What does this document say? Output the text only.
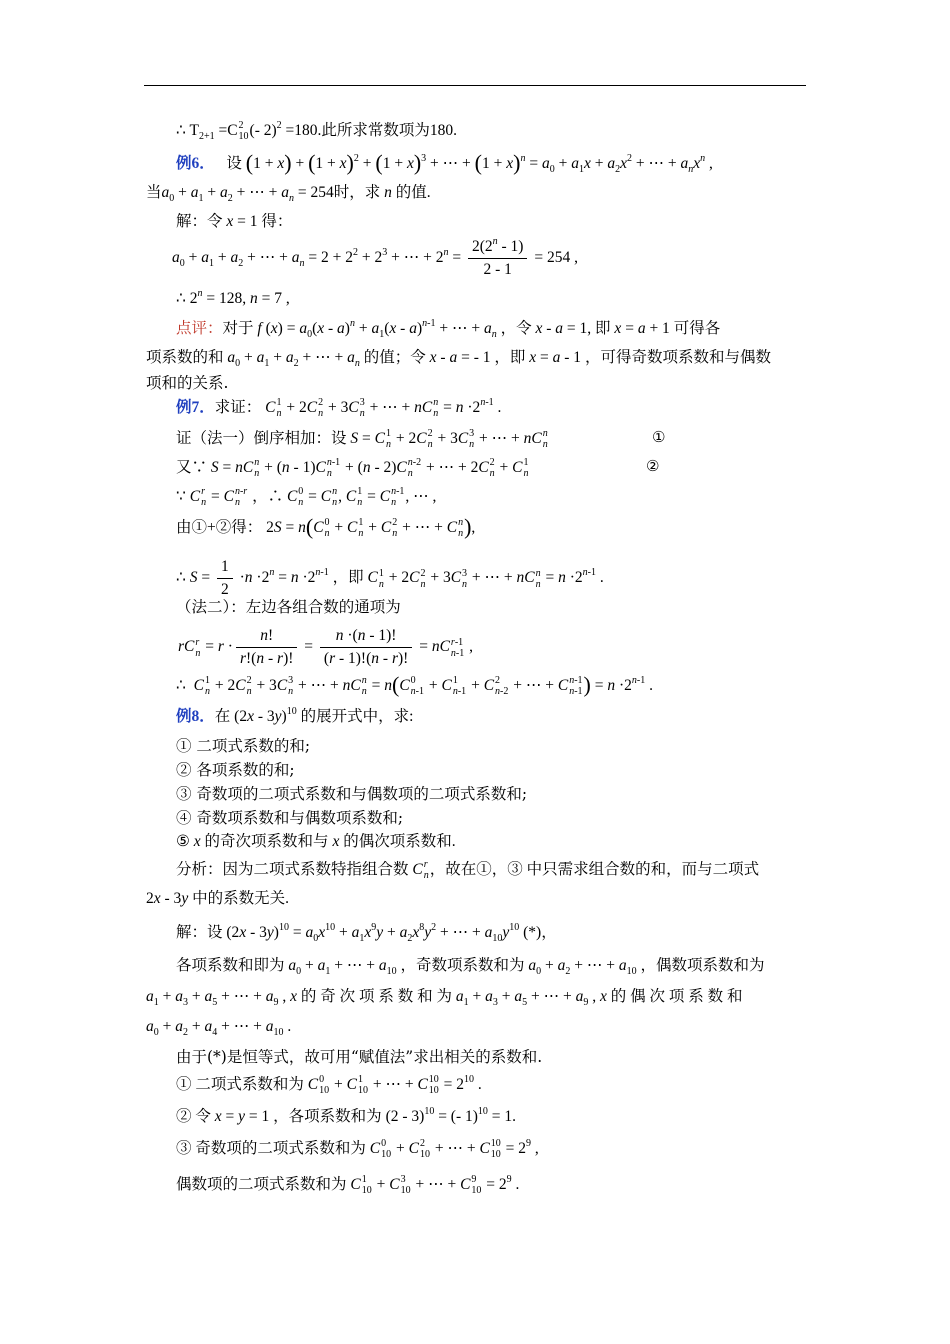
∴ $T_{2+1} =C$ 2
10 (- 2)$^2$ =180.此所求常数项为180.
例6． 设 $(1 + x) + (1 + x)^2 + (1 + x)^3$ + ⋯ + $(1 + x)^n = a_0 + a_1x + a_2x^2$ + ⋯ + $a_nx^n$ ,
当$a_0 + a_1 + a_2$ + ⋯ + $a_n = 254$时，求 n 的值.
解：令 x = 1 得：
$a_0 + a_1 + a_2$ + ⋯ + $a_n = 2 + 2^2 + 2^3$ + ⋯ + $2^n = \frac{2(2^n - 1)}{2 - 1} = 254$ ,
∴ $2^n = 128$, n = 7 ,
点评：对于 f $(x) = a_0(x - a)^n + a_1(x - a)^{n-1}$ + ⋯ + $a_n$ ，令 x - a = 1, 即 x = a + 1 可得各
项系数的和 $a_0 + a_1 + a_2$ + ⋯ + $a_n$ 的值；令 x - a = - 1 ，即 x = a - 1 ，可得奇数项系数和与偶数
项和的关系.
例7．求证： C 1
n + 2C 2
n + 3C 3
n + ⋯ + nC n
$n = n \cdot 2^{n-1}$ .
证（法一）倒序相加：设 S = C 1
n + 2C 2
n + 3C 3
n + ⋯ + nC n
n	①
又∵ S = nC n
n + (n - 1)C n-1
n + (n - 2)C n-2
n + ⋯ + 2C 2
n + C 1
n	②
∵ C r
n = C n-r
n ，∴ C 0
n = C n
n , C 1
n = C n-1
n , ⋯ ,
由①+②得： 2S = n(C 0
n + C 1
n + C 2
n + ⋯ + C n
n ),
∴ $S = \frac{1}{2} \cdot n \cdot 2^n = n \cdot 2^{n-1}$ ，即 C 1
n + 2C 2
n + 3C 3
n + ⋯ + nC n
$n = n \cdot 2^{n-1}$ .
（法二）：左边各组合数的通项为
rC r
$n = r \cdot \frac{n!}{r!(n - r)!} = \frac{n \cdot(n - 1)!}{(r - 1)!(n - r)!}$ = nC r-1
n-1 ,
∴  C 1
n + 2C 2
n + 3C 3
n + ⋯ + nC n
n = n(C 0
n-1 + C 1
n-1 + C 2
n-2 + ⋯ + C n-1
n-1 ) = $n \cdot 2^{n-1}$ .
例8．在 (2x - 3y)$^{10}$ 的展开式中，求:
① 二项式系数的和;
② 各项系数的和;
③ 奇数项的二项式系数和与偶数项的二项式系数和;
④ 奇数项系数和与偶数项系数和;
⑤ x 的奇次项系数和与 x 的偶次项系数和.
分析：因为二项式系数特指组合数 C r
n ，故在①，③ 中只需求组合数的和，而与二项式
2x - 3y 中的系数无关.
解：设 $(2x - 3y)^{10} = a_0x^{10} + a_1x^9y + a_2x^8y^2$ + ⋯ + $a_{10}y^{10}$ (*)，
各项系数和即为 $a_0 + a_1$ + ⋯ + $a_{10}$ ，奇数项系数和为 $a_0 + a_2$ + ⋯ + $a_{10}$ ，偶数项系数和为
$a_1 + a_3 + a_5$ + ⋯ + $a_9$ , x 的 奇 次 项 系 数 和 为 $a_1 + a_3 + a_5$ + ⋯ + $a_9$ , x 的 偶 次 项 系 数 和
$a_0 + a_2 + a_4$ + ⋯ + $a_{10}$ .
由于(*)是恒等式，故可用“赋值法”求出相关的系数和.
① 二项式系数和为 C 0
10 + C 1
10 + ⋯ + C 10
$10 = 2^{10}$ .
② 令 x = y = 1 ，各项系数和为 (2 - 3)$^{10}$ = (- 1)$^{10}$ = 1.
③ 奇数项的二项式系数和为 C 0
10 + C 2
10 + ⋯ + C 10
$10 = 2^9$ ,
偶数项的二项式系数和为 C 1
10 + C 3
10 + ⋯ + C 9
$10 = 2^9$ .
